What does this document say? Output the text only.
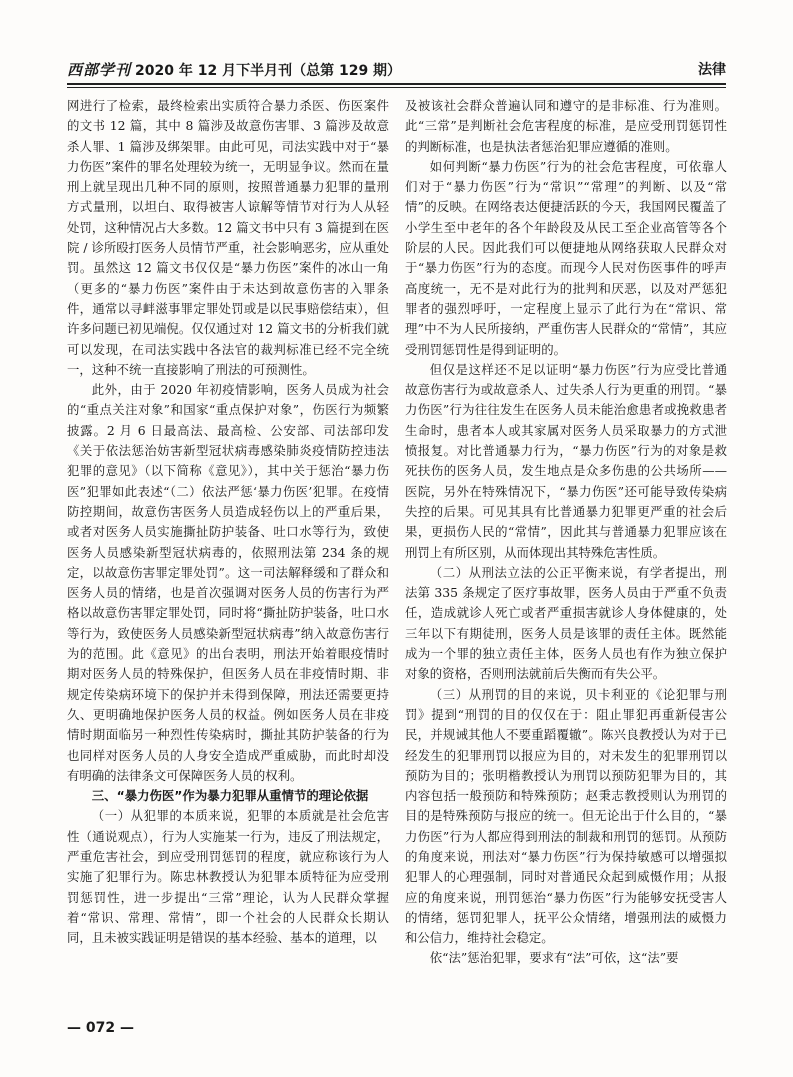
西部学刊 2020 年 12 月下半月刊（总第 129 期）	法律

网进行了检索，最终检索出实质符合暴力杀医、伤医案件的文书 12 篇，其中 8 篇涉及故意伤害罪、3 篇涉及故意杀人罪、1 篇涉及绑架罪。由此可见，司法实践中对于“暴力伤医”案件的罪名处理较为统一，无明显争议。然而在量刑上就呈现出几种不同的原则，按照普通暴力犯罪的量刑方式量刑，以坦白、取得被害人谅解等情节对行为人从轻处罚，这种情况占大多数。12 篇文书中只有 3 篇提到在医院 / 诊所殴打医务人员情节严重，社会影响恶劣，应从重处罚。虽然这 12 篇文书仅仅是“暴力伤医”案件的冰山一角（更多的“暴力伤医”案件由于未达到故意伤害的入罪条件，通常以寻衅滋事罪定罪处罚或是以民事赔偿结束），但许多问题已初见端倪。仅仅通过对 12 篇文书的分析我们就可以发现，在司法实践中各法官的裁判标准已经不完全统一，这种不统一直接影响了刑法的可预测性。

此外，由于 2020 年初疫情影响，医务人员成为社会的“重点关注对象”和国家“重点保护对象”，伤医行为频繁披露。2 月 6 日最高法、最高检、公安部、司法部印发《关于依法惩治妨害新型冠状病毒感染肺炎疫情防控违法犯罪的意见》（以下简称《意见》），其中关于惩治“暴力伤医”犯罪如此表述“（二）依法严惩‘暴力伤医’犯罪。在疫情防控期间，故意伤害医务人员造成轻伤以上的严重后果，或者对医务人员实施撕扯防护装备、吐口水等行为，致使医务人员感染新型冠状病毒的，依照刑法第 234 条的规定，以故意伤害罪定罪处罚”。这一司法解释缓和了群众和医务人员的情绪，也是首次强调对医务人员的伤害行为严格以故意伤害罪定罪处罚，同时将“撕扯防护装备，吐口水等行为，致使医务人员感染新型冠状病毒”纳入故意伤害行为的范围。此《意见》的出台表明，刑法开始着眼疫情时期对医务人员的特殊保护，但医务人员在非疫情时期、非规定传染病环境下的保护并未得到保障，刑法还需要更持久、更明确地保护医务人员的权益。例如医务人员在非疫情时期面临另一种烈性传染病时，撕扯其防护装备的行为也同样对医务人员的人身安全造成严重威胁，而此时却没有明确的法律条文可保障医务人员的权利。

三、“暴力伤医”作为暴力犯罪从重情节的理论依据

（一）从犯罪的本质来说，犯罪的本质就是社会危害性（通说观点），行为人实施某一行为，违反了刑法规定，严重危害社会，到应受刑罚惩罚的程度，就应称该行为人实施了犯罪行为。陈忠林教授认为犯罪本质特征为应受刑罚惩罚性，进一步提出“三常”理论，认为人民群众掌握着“常识、常理、常情”，即一个社会的人民群众长期认同，且未被实践证明是错误的基本经验、基本的道理，以

及被该社会群众普遍认同和遵守的是非标准、行为准则。此“三常”是判断社会危害程度的标准，是应受刑罚惩罚性的判断标准，也是执法者惩治犯罪应遵循的准则。

如何判断“暴力伤医”行为的社会危害程度，可依靠人们对于“暴力伤医”行为“常识”“常理”的判断、以及“常情”的反映。在网络表达便捷活跃的今天，我国网民覆盖了小学生至中老年的各个年龄段及从民工至企业高管等各个阶层的人民。因此我们可以便捷地从网络获取人民群众对于“暴力伤医”行为的态度。而现今人民对伤医事件的呼声高度统一，无不是对此行为的批判和厌恶，以及对严惩犯罪者的强烈呼吁，一定程度上显示了此行为在“常识、常理”中不为人民所接纳，严重伤害人民群众的“常情”，其应受刑罚惩罚性是得到证明的。

但仅是这样还不足以证明“暴力伤医”行为应受比普通故意伤害行为或故意杀人、过失杀人行为更重的刑罚。“暴力伤医”行为往往发生在医务人员未能治愈患者或挽救患者生命时，患者本人或其家属对医务人员采取暴力的方式泄愤报复。对比普通暴力行为，“暴力伤医”行为的对象是救死扶伤的医务人员，发生地点是众多伤患的公共场所——医院，另外在特殊情况下，“暴力伤医”还可能导致传染病失控的后果。可见其具有比普通暴力犯罪更严重的社会后果，更损伤人民的“常情”，因此其与普通暴力犯罪应该在刑罚上有所区别，从而体现出其特殊危害性质。

（二）从刑法立法的公正平衡来说，有学者提出，刑法第 335 条规定了医疗事故罪，医务人员由于严重不负责任，造成就诊人死亡或者严重损害就诊人身体健康的，处三年以下有期徒刑，医务人员是该罪的责任主体。既然能成为一个罪的独立责任主体，医务人员也有作为独立保护对象的资格，否则刑法就前后失衡而有失公平。

（三）从刑罚的目的来说，贝卡利亚的《论犯罪与刑罚》提到“刑罚的目的仅仅在于：阻止罪犯再重新侵害公民，并规诫其他人不要重蹈覆辙”。陈兴良教授认为对于已经发生的犯罪刑罚以报应为目的，对未发生的犯罪刑罚以预防为目的；张明楷教授认为刑罚以预防犯罪为目的，其内容包括一般预防和特殊预防；赵秉志教授则认为刑罚的目的是特殊预防与报应的统一。但无论出于什么目的，“暴力伤医”行为人都应得到刑法的制裁和刑罚的惩罚。从预防的角度来说，刑法对“暴力伤医”行为保持敏感可以增强拟犯罪人的心理强制，同时对普通民众起到威慑作用；从报应的角度来说，刑罚惩治“暴力伤医”行为能够安抚受害人的情绪，惩罚犯罪人，抚平公众情绪，增强刑法的威慑力和公信力，维持社会稳定。

依“法”惩治犯罪，要求有“法”可依，这“法”要

— 072 —
